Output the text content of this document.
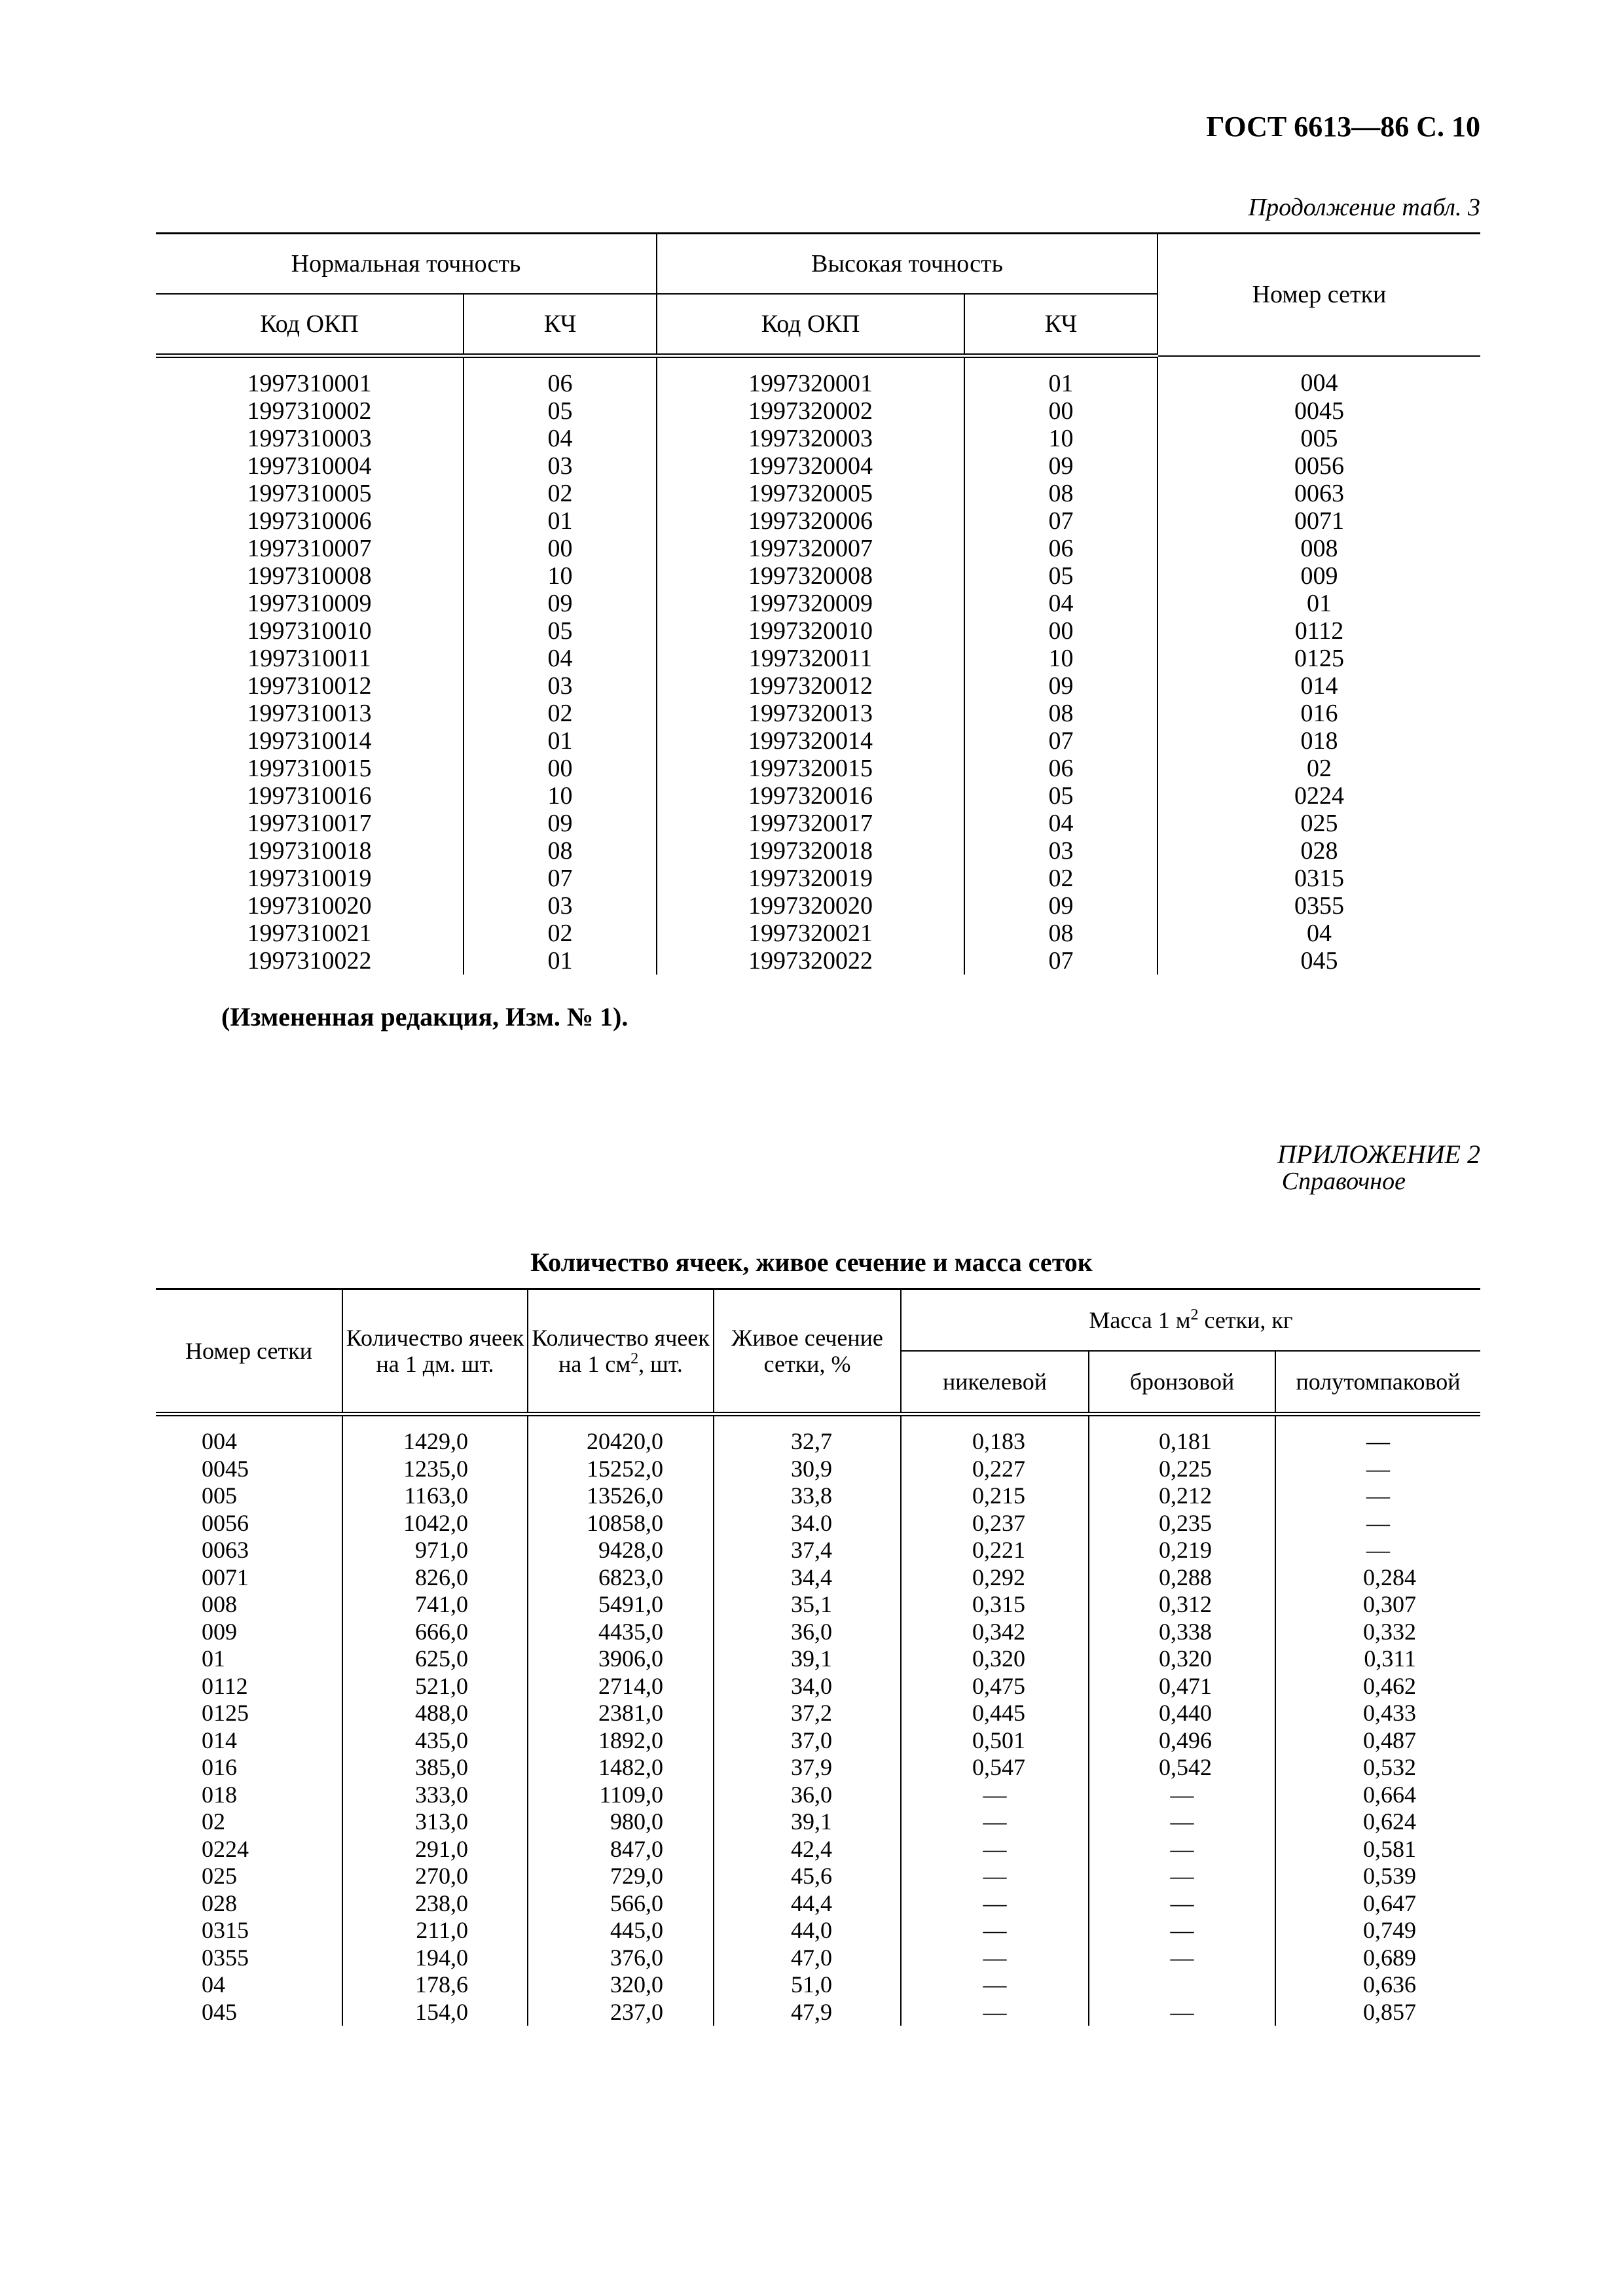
ГОСТ 6613—86 С. 10
Продолжение табл. 3
Нормальная точность		Высокая точность		Номер сетки
Код ОКП	КЧ	Код ОКП	КЧ	
1997310001	06	1997320001	01	004
1997310002	05	1997320002	00	0045
1997310003	04	1997320003	10	005
1997310004	03	1997320004	09	0056
1997310005	02	1997320005	08	0063
1997310006	01	1997320006	07	0071
1997310007	00	1997320007	06	008
1997310008	10	1997320008	05	009
1997310009	09	1997320009	04	01
1997310010	05	1997320010	00	0112
1997310011	04	1997320011	10	0125
1997310012	03	1997320012	09	014
1997310013	02	1997320013	08	016
1997310014	01	1997320014	07	018
1997310015	00	1997320015	06	02
1997310016	10	1997320016	05	0224
1997310017	09	1997320017	04	025
1997310018	08	1997320018	03	028
1997310019	07	1997320019	02	0315
1997310020	03	1997320020	09	0355
1997310021	02	1997320021	08	04
1997310022	01	1997320022	07	045
(Измененная редакция, Изм. № 1).
ПРИЛОЖЕНИЕ 2
Справочное
Количество ячеек, живое сечение и масса сеток
Номер сетки	Количество ячеек на 1 дм. шт.	Количество ячеек на 1 $см^2$, шт.	Живое сечение сетки, %	Масса 1 $м^2$ сетки, кг		
				никелевой	бронзовой	полутомпаковой
004	1429,0	20420,0	32,7	0,183	0,181	—
0045	1235,0	15252,0	30,9	0,227	0,225	—
005	1163,0	13526,0	33,8	0,215	0,212	—
0056	1042,0	10858,0	34.0	0,237	0,235	—
0063	971,0	9428,0	37,4	0,221	0,219	—
0071	826,0	6823,0	34,4	0,292	0,288	0,284
008	741,0	5491,0	35,1	0,315	0,312	0,307
009	666,0	4435,0	36,0	0,342	0,338	0,332
01	625,0	3906,0	39,1	0,320	0,320	0,311
0112	521,0	2714,0	34,0	0,475	0,471	0,462
0125	488,0	2381,0	37,2	0,445	0,440	0,433
014	435,0	1892,0	37,0	0,501	0,496	0,487
016	385,0	1482,0	37,9	0,547	0,542	0,532
018	333,0	1109,0	36,0	—	—	0,664
02	313,0	980,0	39,1	—	—	0,624
0224	291,0	847,0	42,4	—	—	0,581
025	270,0	729,0	45,6	—	—	0,539
028	238,0	566,0	44,4	—	—	0,647
0315	211,0	445,0	44,0	—	—	0,749
0355	194,0	376,0	47,0	—	—	0,689
04	178,6	320,0	51,0	—		0,636
045	154,0	237,0	47,9	—	—	0,857
